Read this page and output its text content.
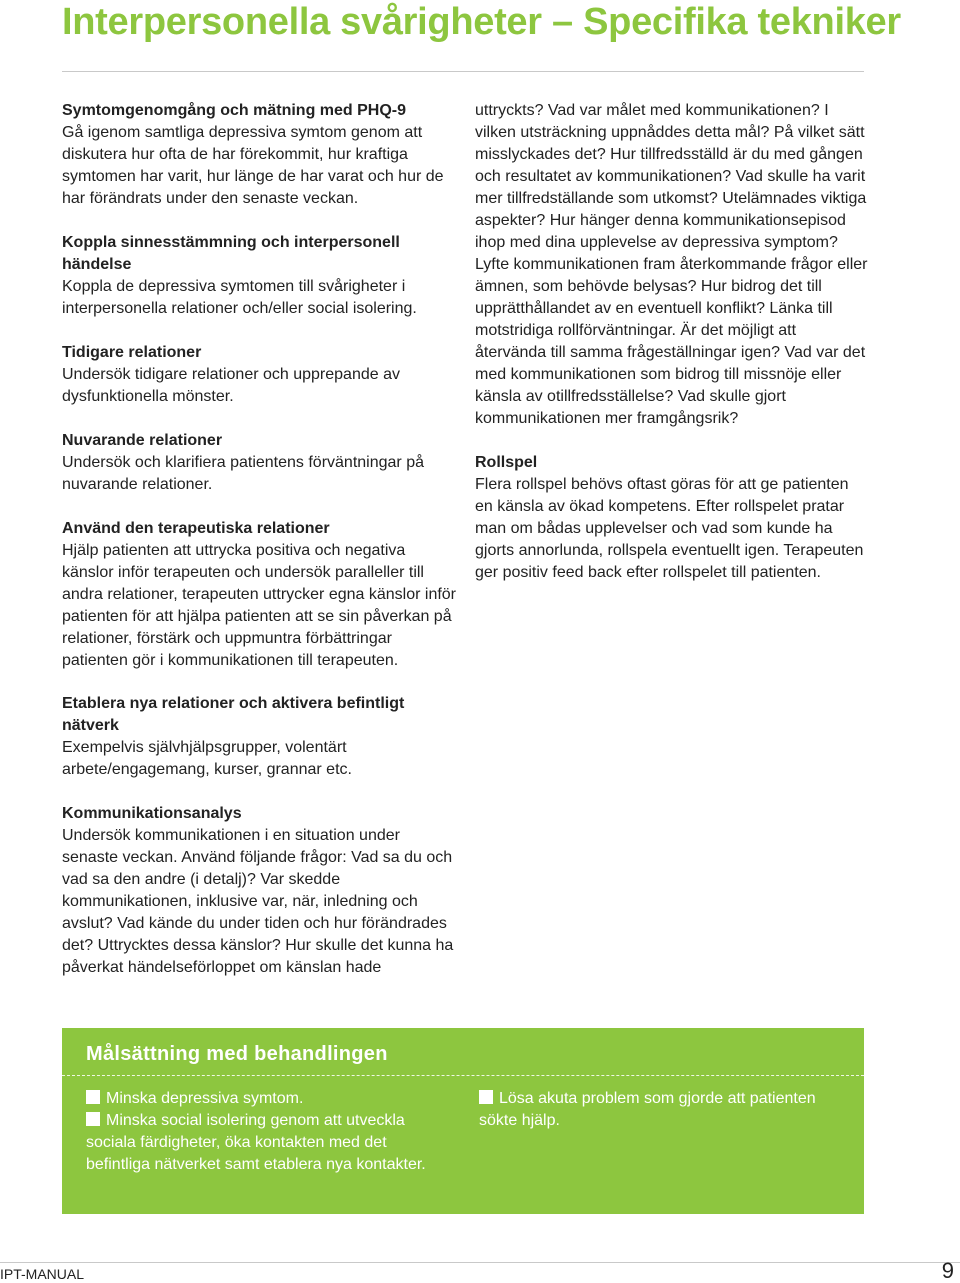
Interpersonella svårigheter – Specifika tekniker
Symtomgenomgång och mätning med PHQ-9
Gå igenom samtliga depressiva symtom genom att diskutera hur ofta de har förekommit, hur kraftiga symtomen har varit, hur länge de har varat och hur de har förändrats under den senaste veckan.
Koppla sinnesstämmning och interpersonell händelse
Koppla de depressiva symtomen till svårigheter i interpersonella relationer och/eller social isolering.
Tidigare relationer
Undersök tidigare relationer och upprepande av dysfunktionella mönster.
Nuvarande relationer
Undersök och klarifiera patientens förväntningar på nuvarande relationer.
Använd den terapeutiska relationer
Hjälp patienten att uttrycka positiva och negativa känslor inför terapeuten och undersök paralleller till andra relationer, terapeuten uttrycker egna känslor inför patienten för att hjälpa patienten att se sin påverkan på relationer, förstärk och uppmuntra förbättringar patienten gör i kommunikationen till terapeuten.
Etablera nya relationer och aktivera befintligt nätverk
Exempelvis självhjälpsgrupper, volentärt arbete/engagemang, kurser, grannar etc.
Kommunikationsanalys
Undersök kommunikationen i en situation under senaste veckan. Använd följande frågor: Vad sa du och vad sa den andre (i detalj)? Var skedde kommunikationen, inklusive var, när, inledning och avslut? Vad kände du under tiden och hur förändrades det? Uttrycktes dessa känslor? Hur skulle det kunna ha påverkat händelseförloppet om känslan hade
uttryckts? Vad var målet med kommunikationen? I vilken utsträckning uppnåddes detta mål? På vilket sätt misslyckades det? Hur tillfredsställd är du med gången och resultatet av kommunikationen? Vad skulle ha varit mer tillfredställande som utkomst? Utelämnades viktiga aspekter? Hur hänger denna kommunikationsepisod ihop med dina upplevelse av depressiva symptom? Lyfte kommunikationen fram återkommande frågor eller ämnen, som behövde belysas? Hur bidrog det till upprätthållandet av en eventuell konflikt? Länka till motstridiga rollförväntningar. Är det möjligt att återvända till samma frågeställningar igen? Vad var det med kommunikationen som bidrog till missnöje eller känsla av otillfredsställelse? Vad skulle gjort kommunikationen mer framgångsrik?
Rollspel
Flera rollspel behövs oftast göras för att ge patienten en känsla av ökad kompetens. Efter rollspelet pratar man om bådas upplevelser och vad som kunde ha gjorts annorlunda, rollspela eventuellt igen. Terapeuten ger positiv feed back efter rollspelet till patienten.
Målsättning med behandlingen

Minska depressiva symtom.

Minska social isolering genom att utveckla sociala färdigheter, öka kontakten med det befintliga nätverket samt etablera nya kontakter.

Lösa akuta problem som gjorde att patienten sökte hjälp.

IPT-MANUAL	9
